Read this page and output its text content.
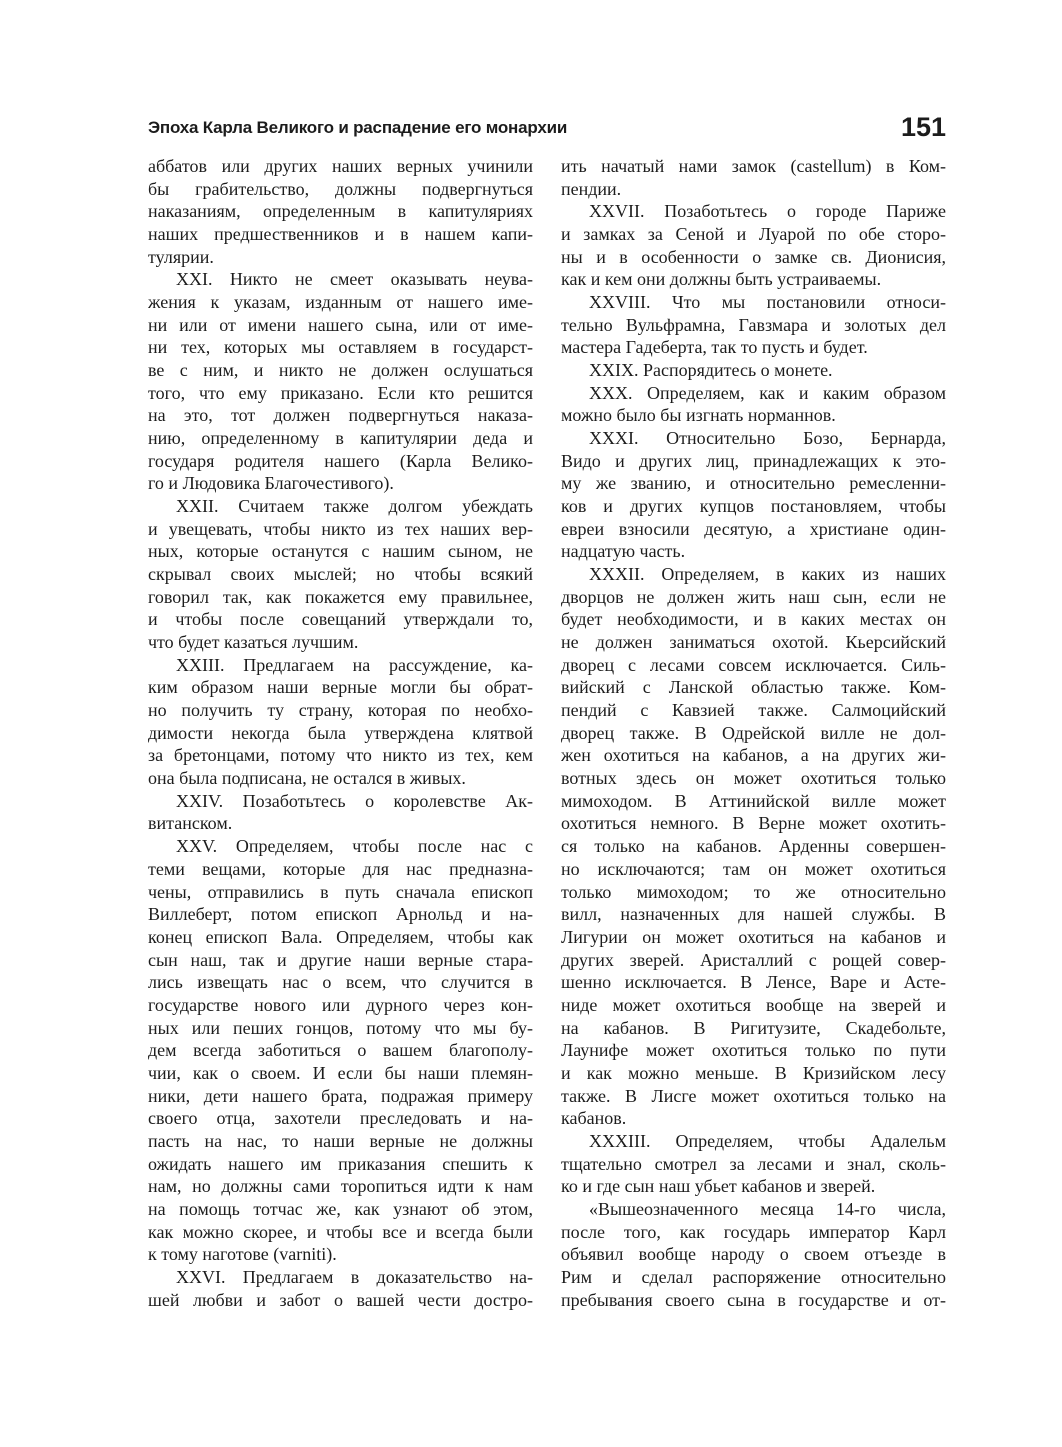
Эпоха Карла Великого и распадение его монархии	151
аббатов или других наших верных учинили
бы грабительство, должны подвергнуться
наказаниям, определенным в капитуляриях
наших предшественников и в нашем капи-
тулярии.
XXI. Никто не смеет оказывать неува-
жения к указам, изданным от нашего име-
ни или от имени нашего сына, или от име-
ни тех, которых мы оставляем в государст-
ве с ним, и никто не должен ослушаться
того, что ему приказано. Если кто решится
на это, тот должен подвергнуться наказа-
нию, определенному в капитулярии деда и
государя родителя нашего (Карла Велико-
го и Людовика Благочестивого).
XXII. Считаем также долгом убеждать
и увещевать, чтобы никто из тех наших вер-
ных, которые останутся с нашим сыном, не
скрывал своих мыслей; но чтобы всякий
говорил так, как покажется ему правильнее,
и чтобы после совещаний утверждали то,
что будет казаться лучшим.
XXIII. Предлагаем на рассуждение, ка-
ким образом наши верные могли бы обрат-
но получить ту страну, которая по необхо-
димости некогда была утверждена клятвой
за бретонцами, потому что никто из тех, кем
она была подписана, не остался в живых.
XXIV. Позаботьтесь о королевстве Ак-
витанском.
XXV. Определяем, чтобы после нас с
теми вещами, которые для нас предназна-
чены, отправились в путь сначала епископ
Виллеберт, потом епископ Арнольд и на-
конец епископ Вала. Определяем, чтобы как
сын наш, так и другие наши верные стара-
лись извещать нас о всем, что случится в
государстве нового или дурного через кон-
ных или пеших гонцов, потому что мы бу-
дем всегда заботиться о вашем благополу-
чии, как о своем. И если бы наши племян-
ники, дети нашего брата, подражая примеру
своего отца, захотели преследовать и на-
пасть на нас, то наши верные не должны
ожидать нашего им приказания спешить к
нам, но должны сами торопиться идти к нам
на помощь тотчас же, как узнают об этом,
как можно скорее, и чтобы все и всегда были
к тому наготове (varniti).
XXVI. Предлагаем в доказательство на-
шей любви и забот о вашей чести достро-
ить начатый нами замок (castellum) в Ком-
пендии.
XXVII. Позаботьтесь о городе Париже
и замках за Сеной и Луарой по обе сторо-
ны и в особенности о замке св. Дионисия,
как и кем они должны быть устраиваемы.
XXVIII. Что мы постановили относи-
тельно Вульфрамна, Гавзмара и золотых дел
мастера Гадеберта, так то пусть и будет.
XXIX. Распорядитесь о монете.
XXX. Определяем, как и каким образом
можно было бы изгнать норманнов.
XXXI. Относительно Бозо, Бернарда,
Видо и других лиц, принадлежащих к это-
му же званию, и относительно ремесленни-
ков и других купцов постановляем, чтобы
евреи взносили десятую, а христиане один-
надцатую часть.
XXXII. Определяем, в каких из наших
дворцов не должен жить наш сын, если не
будет необходимости, и в каких местах он
не должен заниматься охотой. Кьерсийский
дворец с лесами совсем исключается. Силь-
вийский с Ланской областью также. Ком-
пендий с Кавзией также. Салмоцийский
дворец также. В Одрейской вилле не дол-
жен охотиться на кабанов, а на других жи-
вотных здесь он может охотиться только
мимоходом. В Аттинийской вилле может
охотиться немного. В Верне может охотить-
ся только на кабанов. Арденны совершен-
но исключаются; там он может охотиться
только мимоходом; то же относительно
вилл, назначенных для нашей службы. В
Лигурии он может охотиться на кабанов и
других зверей. Аристаллий с рощей совер-
шенно исключается. В Ленсе, Варе и Асте-
ниде может охотиться вообще на зверей и
на кабанов. В Ригитузите, Скадебольте,
Лаунифе может охотиться только по пути
и как можно меньше. В Кризийском лесу
также. В Лисге может охотиться только на
кабанов.
XXXIII. Определяем, чтобы Адалельм
тщательно смотрел за лесами и знал, сколь-
ко и где сын наш убьет кабанов и зверей.
«Вышеозначенного месяца 14-го числа,
после того, как государь император Карл
объявил вообще народу о своем отъезде в
Рим и сделал распоряжение относительно
пребывания своего сына в государстве и от-
